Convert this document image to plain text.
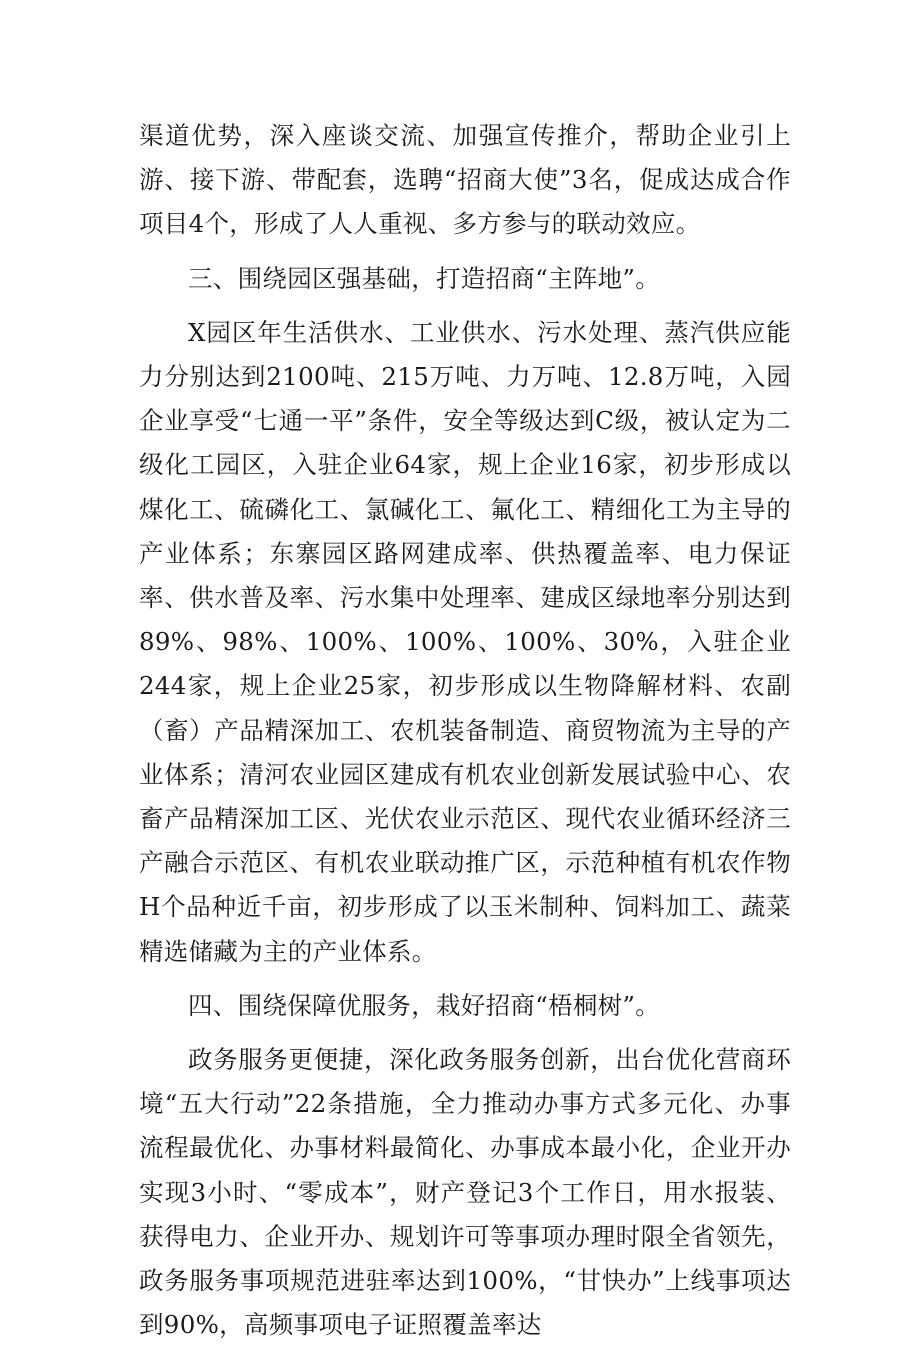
渠道优势，深入座谈交流、加强宣传推介，帮助企业引上游、接下游、带配套，选聘“招商大使”3名，促成达成合作项目4个，形成了人人重视、多方参与的联动效应。

三、围绕园区强基础，打造招商“主阵地”。

X园区年生活供水、工业供水、污水处理、蒸汽供应能力分别达到2100吨、215万吨、力万吨、12.8万吨，入园企业享受“七通一平”条件，安全等级达到C级，被认定为二级化工园区，入驻企业64家，规上企业16家，初步形成以煤化工、硫磷化工、氯碱化工、氟化工、精细化工为主导的产业体系；东寨园区路网建成率、供热覆盖率、电力保证率、供水普及率、污水集中处理率、建成区绿地率分别达到89%、98%、100%、100%、100%、30%，入驻企业244家，规上企业25家，初步形成以生物降解材料、农副（畜）产品精深加工、农机装备制造、商贸物流为主导的产业体系；清河农业园区建成有机农业创新发展试验中心、农畜产品精深加工区、光伏农业示范区、现代农业循环经济三产融合示范区、有机农业联动推广区，示范种植有机农作物H个品种近千亩，初步形成了以玉米制种、饲料加工、蔬菜精选储藏为主的产业体系。

四、围绕保障优服务，栽好招商“梧桐树”。

政务服务更便捷，深化政务服务创新，出台优化营商环境“五大行动”22条措施，全力推动办事方式多元化、办事流程最优化、办事材料最简化、办事成本最小化，企业开办实现3小时、“零成本”，财产登记3个工作日，用水报装、获得电力、企业开办、规划许可等事项办理时限全省领先，政务服务事项规范进驻率达到100%，“甘快办”上线事项达到90%，高频事项电子证照覆盖率达
